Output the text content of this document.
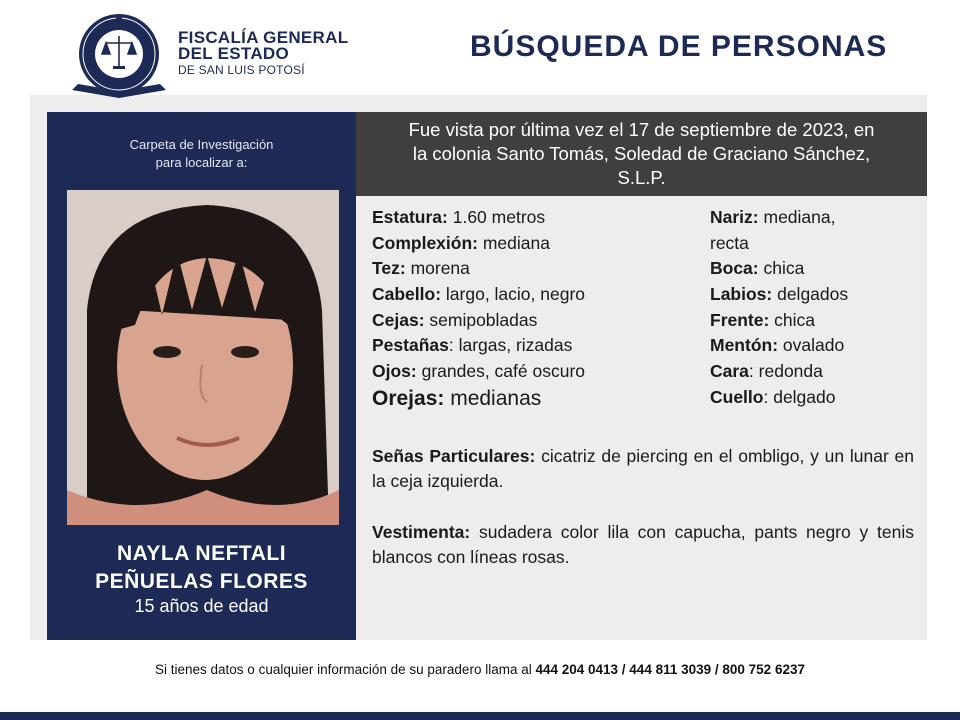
FISCALÍA GENERAL
DEL ESTADO
DE SAN LUIS POTOSÍ
BÚSQUEDA DE PERSONAS
Carpeta de Investigación
para localizar a:
NAYLA NEFTALI
PEÑUELAS FLORES
15 años de edad
Fue vista por última vez el 17 de septiembre de 2023, en
la colonia Santo Tomás, Soledad de Graciano Sánchez,
S.L.P.
Estatura: 1.60 metros
Complexión: mediana
Tez: morena
Cabello: largo, lacio, negro
Cejas: semipobladas
Pestañas: largas, rizadas
Ojos: grandes, café oscuro
Orejas: medianas
Nariz: mediana,
recta
Boca: chica
Labios: delgados
Frente: chica
Mentón: ovalado
Cara: redonda
Cuello: delgado
Señas Particulares: cicatriz de piercing en el ombligo, y un lunar en la ceja izquierda.
Vestimenta: sudadera color lila con capucha, pants negro y tenis blancos con líneas rosas.
Si tienes datos o cualquier información de su paradero llama al 444 204 0413 / 444 811 3039 / 800 752 6237
